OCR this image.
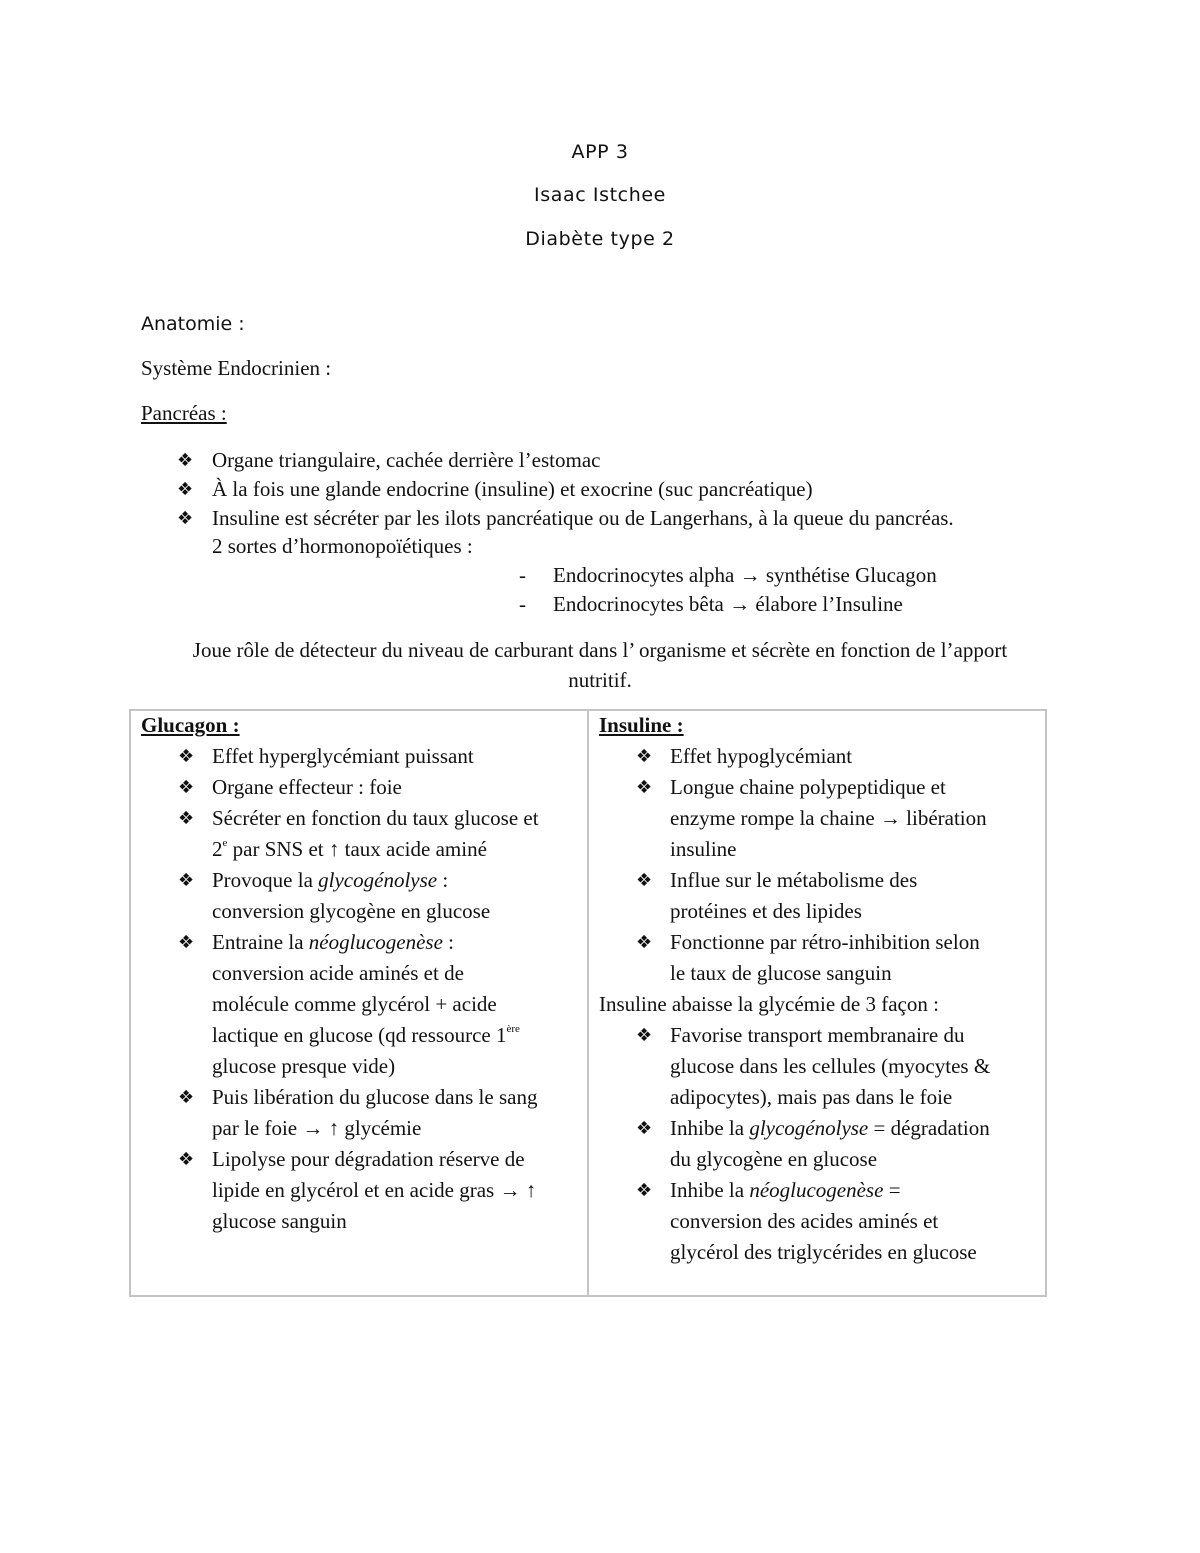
APP 3
Isaac Istchee
Diabète type 2
Anatomie :
Système Endocrinien :
Pancréas :
❖ Organe triangulaire, cachée derrière l’estomac
❖ À la fois une glande endocrine (insuline) et exocrine (suc pancréatique)
❖ Insuline est sécréter par les ilots pancréatique ou de Langerhans, à la queue du pancréas.
2 sortes d’hormonopoïétiques :
- Endocrinocytes alpha → synthétise Glucagon
- Endocrinocytes bêta → élabore l’Insuline
Joue rôle de détecteur du niveau de carburant dans l’ organisme et sécrète en fonction de l’apport
nutritif.
Glucagon :
❖ Effet hyperglycémiant puissant
❖ Organe effecteur : foie
❖ Sécréter en fonction du taux glucose et
2e par SNS et ↑ taux acide aminé
❖ Provoque la glycogénolyse :
conversion glycogène en glucose
❖ Entraine la néoglucogenèse :
conversion acide aminés et de
molécule comme glycérol + acide
lactique en glucose (qd ressource 1ère
glucose presque vide)
❖ Puis libération du glucose dans le sang
par le foie → ↑ glycémie
❖ Lipolyse pour dégradation réserve de
lipide en glycérol et en acide gras → ↑
glucose sanguin
Insuline :
❖ Effet hypoglycémiant
❖ Longue chaine polypeptidique et
enzyme rompe la chaine → libération
insuline
❖ Influe sur le métabolisme des
protéines et des lipides
❖ Fonctionne par rétro-inhibition selon
le taux de glucose sanguin
Insuline abaisse la glycémie de 3 façon :
❖ Favorise transport membranaire du
glucose dans les cellules (myocytes &
adipocytes), mais pas dans le foie
❖ Inhibe la glycogénolyse = dégradation
du glycogène en glucose
❖ Inhibe la néoglucogenèse =
conversion des acides aminés et
glycérol des triglycérides en glucose
